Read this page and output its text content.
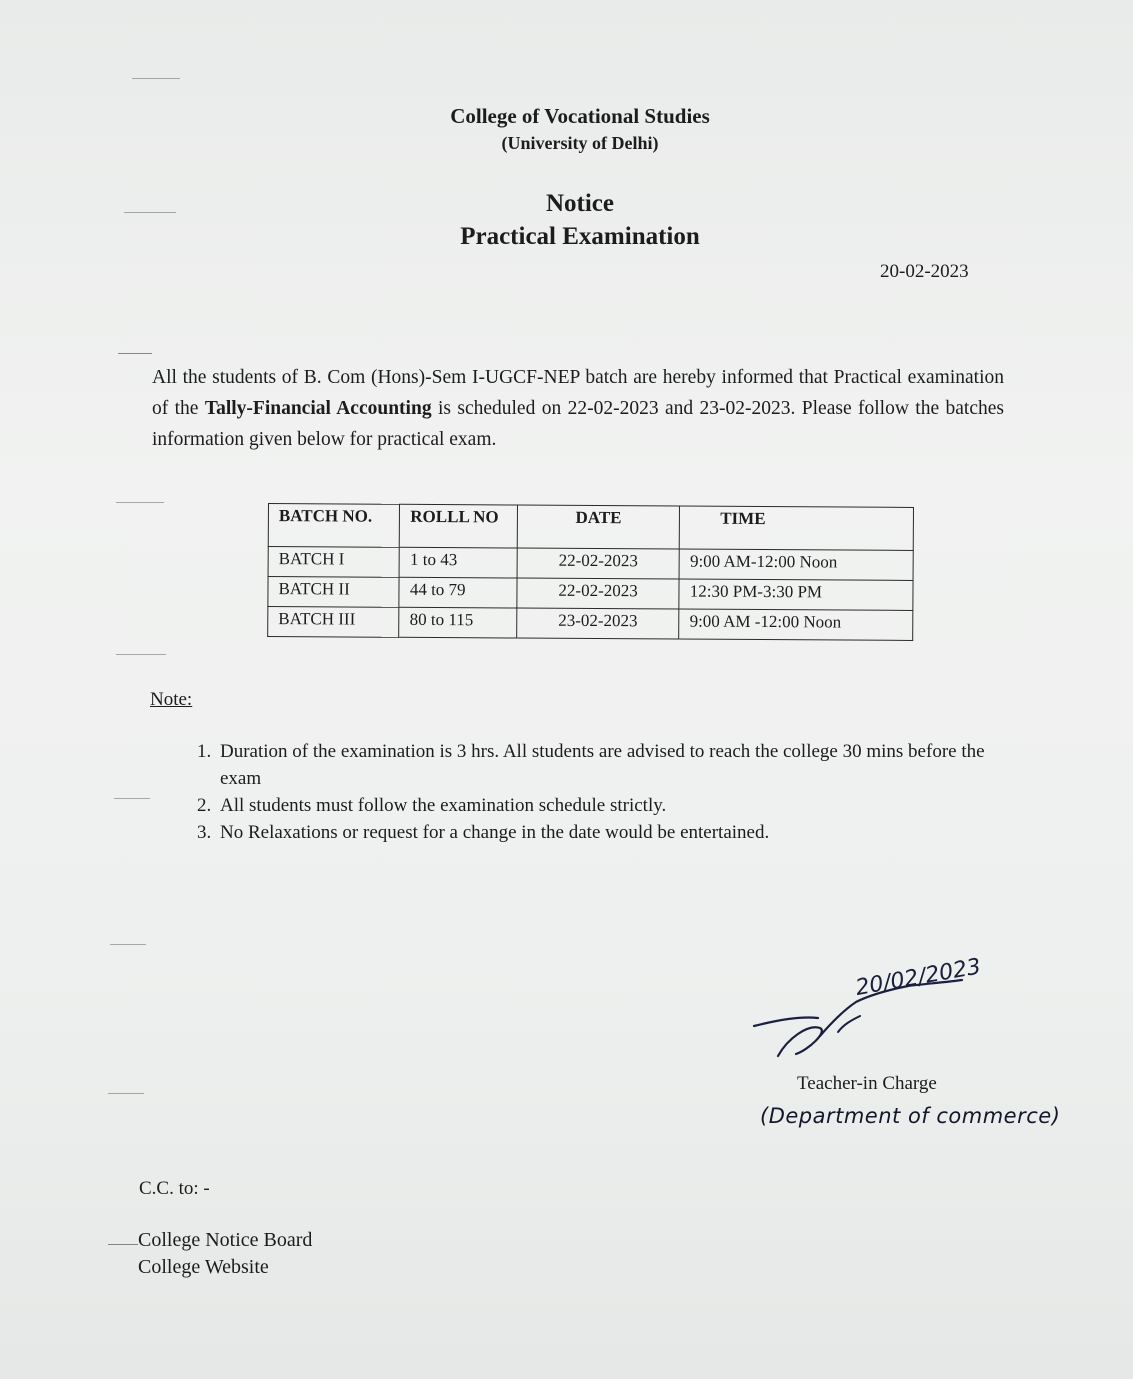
College of Vocational Studies
(University of Delhi)
Notice
Practical Examination
20-02-2023

All the students of B. Com (Hons)-Sem I-UGCF-NEP batch are hereby informed that Practical examination of the Tally-Financial Accounting is scheduled on 22-02-2023 and 23-02-2023. Please follow the batches information given below for practical exam.

BATCH NO.	ROLLL NO	DATE	TIME
BATCH I	1 to 43	22-02-2023	9:00 AM-12:00 Noon
BATCH II	44 to 79	22-02-2023	12:30 PM-3:30 PM
BATCH III	80 to 115	23-02-2023	9:00 AM -12:00 Noon
Note:
1. Duration of the examination is 3 hrs. All students are advised to reach the college 30 mins before the exam
2. All students must follow the examination schedule strictly.
3. No Relaxations or request for a change in the date would be entertained.
20/02/2023
Teacher-in Charge
(Department of commerce)
C.C. to: -
College Notice Board
College Website
